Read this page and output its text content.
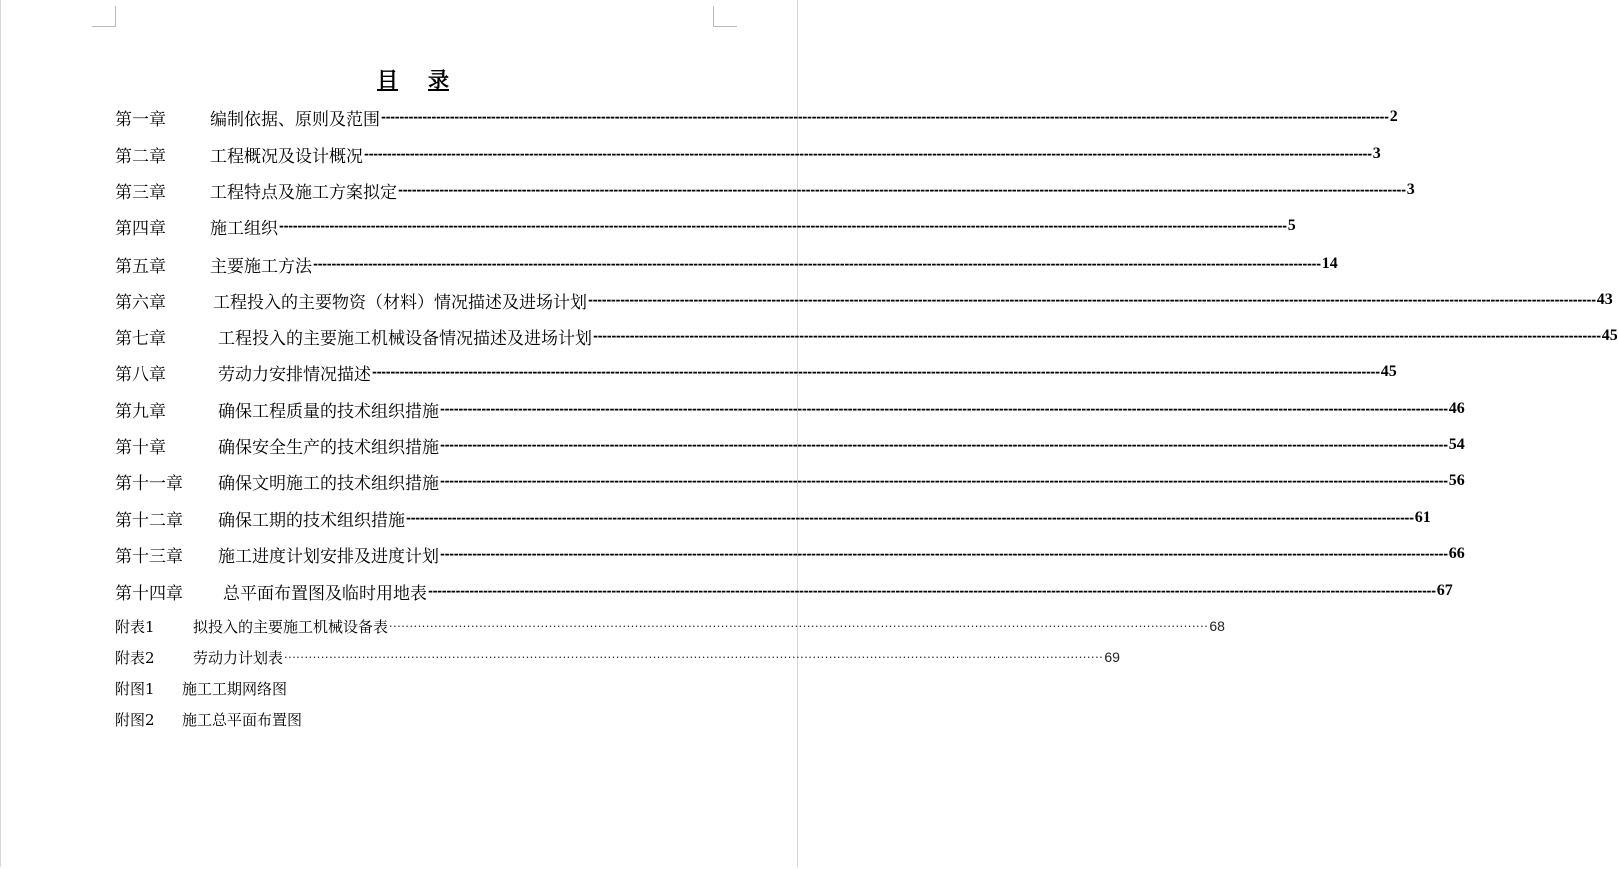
目 录
第一章	编制依据、原则及范围 ---------------------------------------------------------------------------------------------------------------------------------------------------------------------------------------------------------------------------- 2
第二章	工程概况及设计概况 ---------------------------------------------------------------------------------------------------------------------------------------------------------------------------------------------------------------------------- 3
第三章	工程特点及施工方案拟定 ---------------------------------------------------------------------------------------------------------------------------------------------------------------------------------------------------------------------------- 3
第四章	施工组织 ---------------------------------------------------------------------------------------------------------------------------------------------------------------------------------------------------------------------------- 5
第五章	主要施工方法 ---------------------------------------------------------------------------------------------------------------------------------------------------------------------------------------------------------------------------- 14
第六章	工程投入的主要物资（材料）情况描述及进场计划 ---------------------------------------------------------------------------------------------------------------------------------------------------------------------------------------------------------------------------- 43
第七章	工程投入的主要施工机械设备情况描述及进场计划 ---------------------------------------------------------------------------------------------------------------------------------------------------------------------------------------------------------------------------- 45
第八章	劳动力安排情况描述 ---------------------------------------------------------------------------------------------------------------------------------------------------------------------------------------------------------------------------- 45
第九章	确保工程质量的技术组织措施 ---------------------------------------------------------------------------------------------------------------------------------------------------------------------------------------------------------------------------- 46
第十章	确保安全生产的技术组织措施 ---------------------------------------------------------------------------------------------------------------------------------------------------------------------------------------------------------------------------- 54
第十一章	确保文明施工的技术组织措施 ---------------------------------------------------------------------------------------------------------------------------------------------------------------------------------------------------------------------------- 56
第十二章	确保工期的技术组织措施 ---------------------------------------------------------------------------------------------------------------------------------------------------------------------------------------------------------------------------- 61
第十三章	施工进度计划安排及进度计划 ---------------------------------------------------------------------------------------------------------------------------------------------------------------------------------------------------------------------------- 66
第十四章	总平面布置图及临时用地表 ---------------------------------------------------------------------------------------------------------------------------------------------------------------------------------------------------------------------------- 67
附表1	拟投入的主要施工机械设备表 ········································································································································································································ 68
附表2	劳动力计划表 ········································································································································································································ 69
附图1	施工工期网络图
附图2	施工总平面布置图
